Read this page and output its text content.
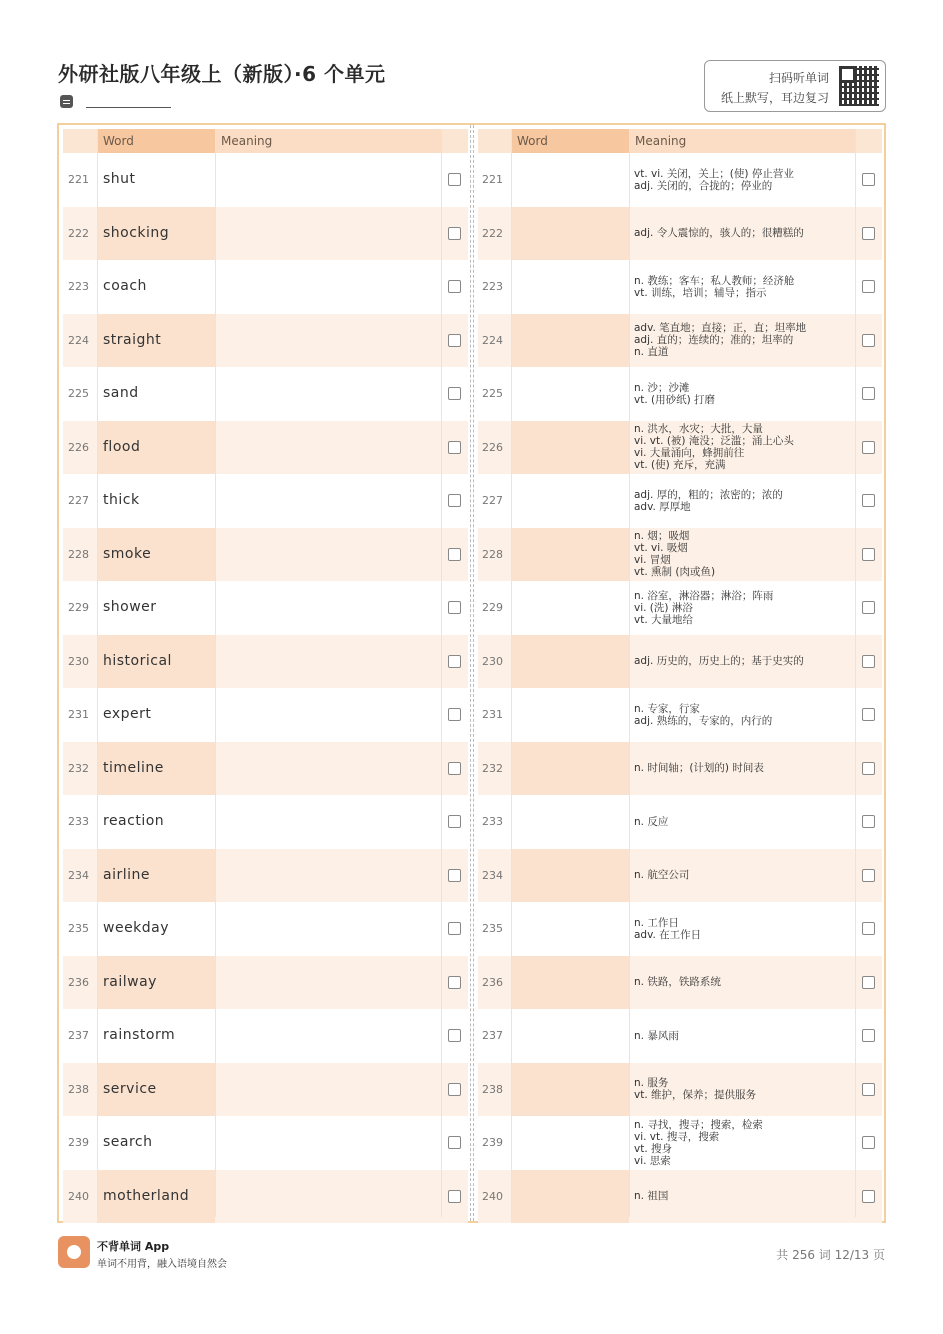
外研社版八年级上（新版）·6 个单元	扫码听单词
纸上默写，耳边复习
Word	Meaning
221 shut
222 shocking
223 coach
224 straight
225 sand
226 flood
227 thick
228 smoke
229 shower
230 historical
231 expert
232 timeline
233 reaction
234 airline
235 weekday
236 railway
237 rainstorm
238 service
239 search
240 motherland
Word	Meaning
221	vt. vi. 关闭，关上；(使) 停止营业
adj. 关闭的，合拢的；停业的
222	adj. 令人震惊的，骇人的；很糟糕的
223	n. 教练；客车；私人教师；经济舱
vt. 训练，培训；辅导；指示
224
adv. 笔直地；直接；正，直；坦率地
adj. 直的；连续的；准的；坦率的
n. 直道
225	n. 沙；沙滩
vt. (用砂纸) 打磨
226
n. 洪水，水灾；大批，大量
vi. vt. (被) 淹没；泛滥；涌上心头
vi. 大量涌向，蜂拥前往
vt. (使) 充斥，充满
227	adj. 厚的，粗的；浓密的；浓的
adv. 厚厚地
228
n. 烟；吸烟
vt. vi. 吸烟
vi. 冒烟
vt. 熏制 (肉或鱼)
229
n. 浴室，淋浴器；淋浴；阵雨
vi. (洗) 淋浴
vt. 大量地给
230	adj. 历史的，历史上的；基于史实的
231	n. 专家，行家
adj. 熟练的，专家的，内行的
232	n. 时间轴；(计划的) 时间表
233	n. 反应
234	n. 航空公司
235	n. 工作日
adv. 在工作日
236	n. 铁路，铁路系统
237	n. 暴风雨
238	n. 服务
vt. 维护，保养；提供服务
239
n. 寻找，搜寻；搜索，检索
vi. vt. 搜寻，搜索
vt. 搜身
vi. 思索
240	n. 祖国
不背单词 App
单词不用背，融入语境自然会
共 256 词 12/13 页
